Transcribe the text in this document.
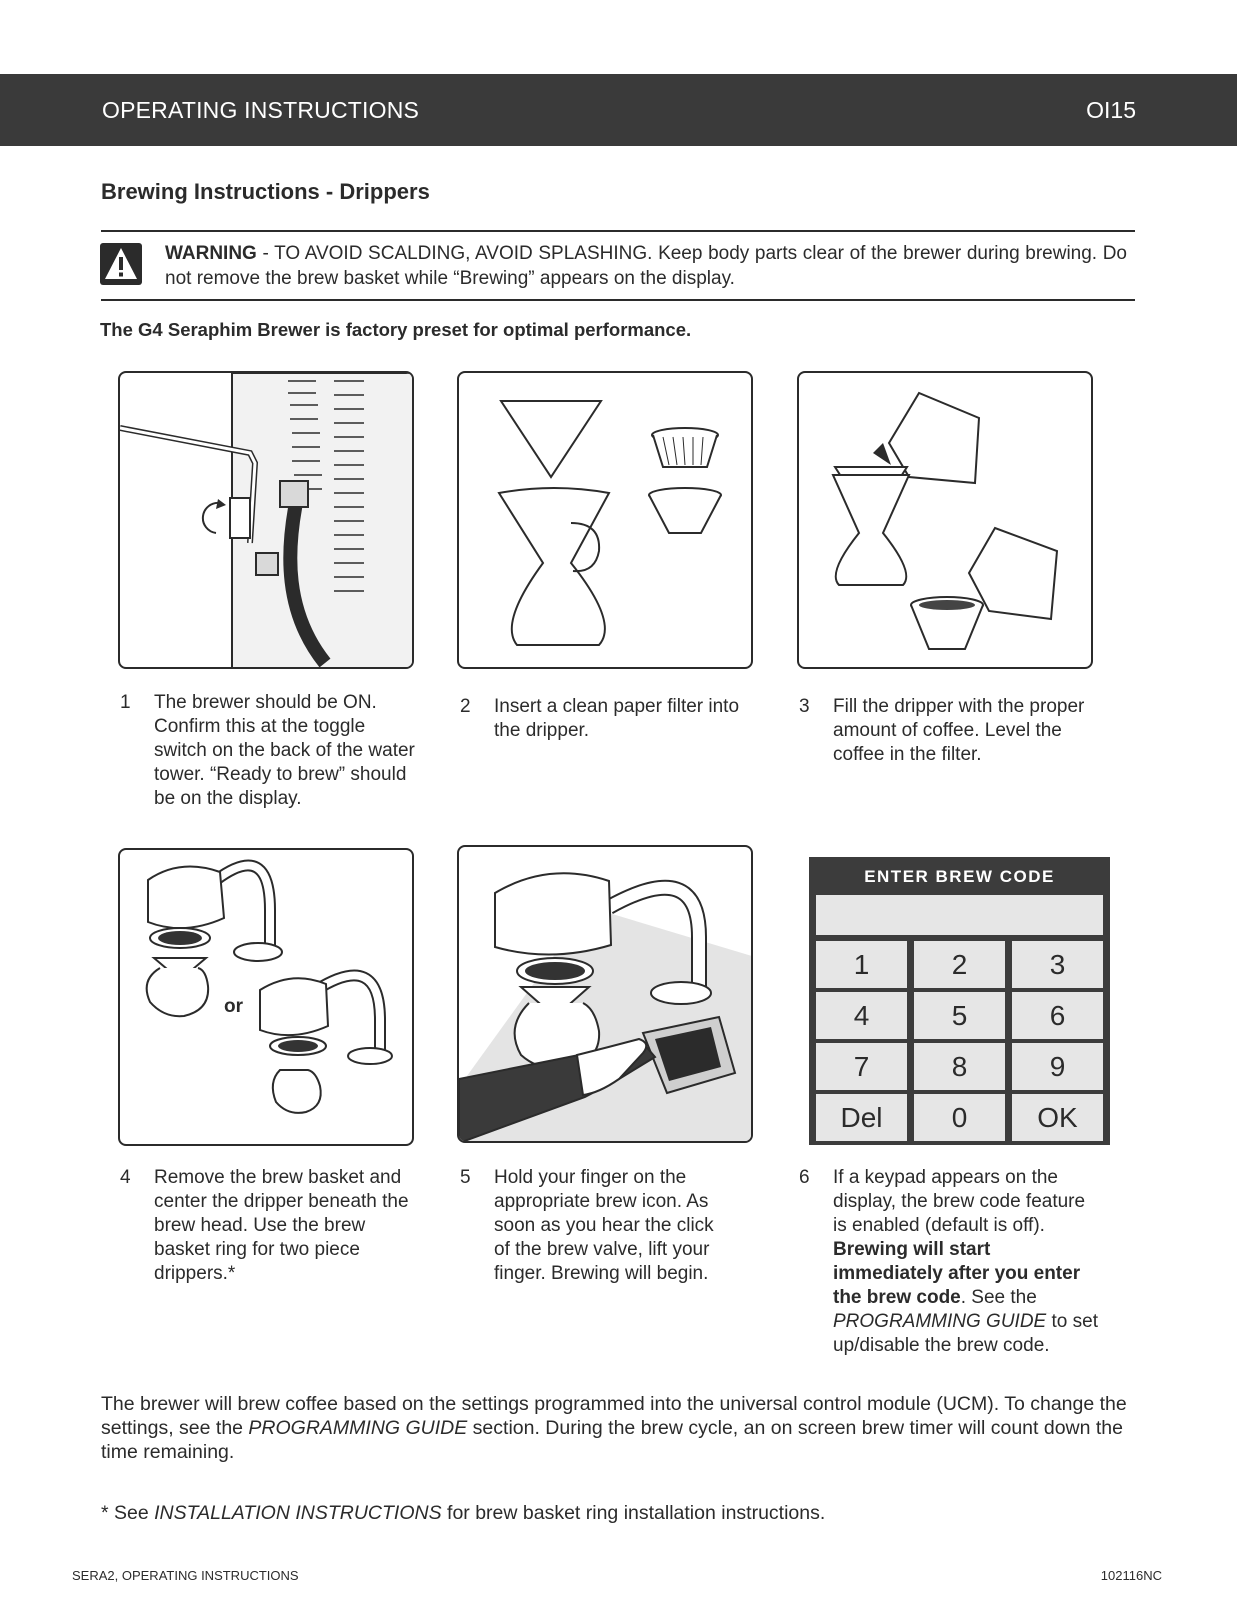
OPERATING INSTRUCTIONS	OI15
Brewing Instructions - Drippers
WARNING - TO AVOID SCALDING, AVOID SPLASHING. Keep body parts clear of the brewer during brewing. Do not remove the brew basket while “Brewing” appears on the display.
The G4 Seraphim Brewer is factory preset for optimal performance.
1	The brewer should be ON. Confirm this at the toggle switch on the back of the water tower. “Ready to brew” should be on the display.
2	Insert a clean paper filter into the dripper.
3	Fill the dripper with the proper amount of coffee. Level the coffee in the filter.
or
ENTER BREW CODE
1	2	3
4	5	6
7	8	9
Del	0	OK
4	Remove the brew basket and center the dripper beneath the brew head. Use the brew basket ring for two piece drippers.*
5	Hold your finger on the appropriate brew icon. As soon as you hear the click of the brew valve, lift your finger. Brewing will begin.
6	If a keypad appears on the display, the brew code feature is enabled (default is off). Brewing will start immediately after you enter the brew code. See the PROGRAMMING GUIDE to set up/disable the brew code.
The brewer will brew coffee based on the settings programmed into the universal control module (UCM). To change the settings, see the PROGRAMMING GUIDE section. During the brew cycle, an on screen brew timer will count down the time remaining.
* See INSTALLATION INSTRUCTIONS for brew basket ring installation instructions.
SERA2, OPERATING INSTRUCTIONS	102116NC
